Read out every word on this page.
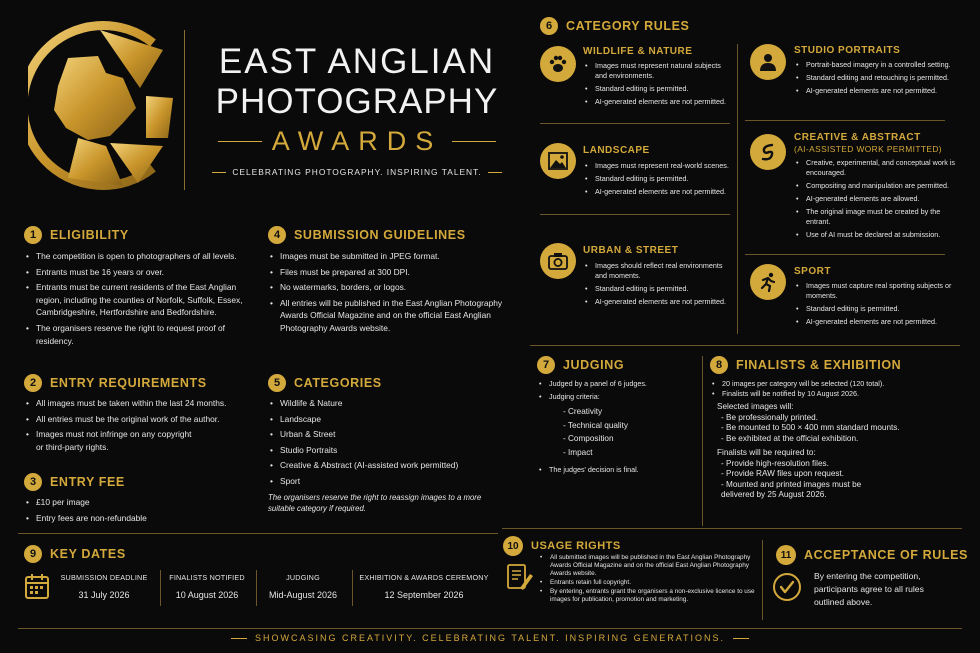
EAST ANGLIAN
PHOTOGRAPHY
AWARDS
CELEBRATING PHOTOGRAPHY. INSPIRING TALENT.
1	ELIGIBILITY
• The competition is open to photographers of all levels.
• Entrants must be 16 years or over.
• Entrants must be current residents of the East Anglian region, including the counties of Norfolk, Suffolk, Essex, Cambridgeshire, Hertfordshire and Bedfordshire.
• The organisers reserve the right to request proof of residency.
2	ENTRY REQUIREMENTS
• All images must be taken within the last 24 months.
• All entries must be the original work of the author.
• Images must not infringe on any copyright or third-party rights.
3	ENTRY FEE
• £10 per image
• Entry fees are non-refundable
4	SUBMISSION GUIDELINES
• Images must be submitted in JPEG format.
• Files must be prepared at 300 DPI.
• No watermarks, borders, or logos.
• All entries will be published in the East Anglian Photography Awards Official Magazine and on the official East Anglian Photography Awards website.
5	CATEGORIES
• Wildlife & Nature
• Landscape
• Urban & Street
• Studio Portraits
• Creative & Abstract (AI-assisted work permitted)
• Sport
The organisers reserve the right to reassign images to a more suitable category if required.
6	CATEGORY RULES
WILDLIFE & NATURE
• Images must represent natural subjects and environments.
• Standard editing is permitted.
• AI-generated elements are not permitted.
LANDSCAPE
• Images must represent real-world scenes.
• Standard editing is permitted.
• AI-generated elements are not permitted.
URBAN & STREET
• Images should reflect real environments and moments.
• Standard editing is permitted.
• AI-generated elements are not permitted.
STUDIO PORTRAITS
• Portrait-based imagery in a controlled setting.
• Standard editing and retouching is permitted.
• AI-generated elements are not permitted.
CREATIVE & ABSTRACT
(AI-ASSISTED WORK PERMITTED)
• Creative, experimental, and conceptual work is encouraged.
• Compositing and manipulation are permitted.
• AI-generated elements are allowed.
• The original image must be created by the entrant.
• Use of AI must be declared at submission.
SPORT
• Images must capture real sporting subjects or moments.
• Standard editing is permitted.
• AI-generated elements are not permitted.
7	JUDGING
• Judged by a panel of 6 judges.
• Judging criteria:
- Creativity
- Technical quality
- Composition
- Impact
• The judges' decision is final.
8	FINALISTS & EXHIBITION
• 20 images per category will be selected (120 total).
• Finalists will be notified by 10 August 2026.
Selected images will:
- Be professionally printed.
- Be mounted to 500 × 400 mm standard mounts.
- Be exhibited at the official exhibition.
Finalists will be required to:
- Provide high-resolution files.
- Provide RAW files upon request.
- Mounted and printed images must be delivered by 25 August 2026.
9	KEY DATES
SUBMISSION DEADLINE
31 July 2026
FINALISTS NOTIFIED
10 August 2026
JUDGING
Mid-August 2026
EXHIBITION & AWARDS CEREMONY
12 September 2026
10	USAGE RIGHTS
• All submitted images will be published in the East Anglian Photography Awards Official Magazine and on the official East Anglian Photography Awards website.
• Entrants retain full copyright.
• By entering, entrants grant the organisers a non-exclusive licence to use images for publication, promotion and marketing.
11	ACCEPTANCE OF RULES
By entering the competition, participants agree to all rules outlined above.
SHOWCASING CREATIVITY. CELEBRATING TALENT. INSPIRING GENERATIONS.
